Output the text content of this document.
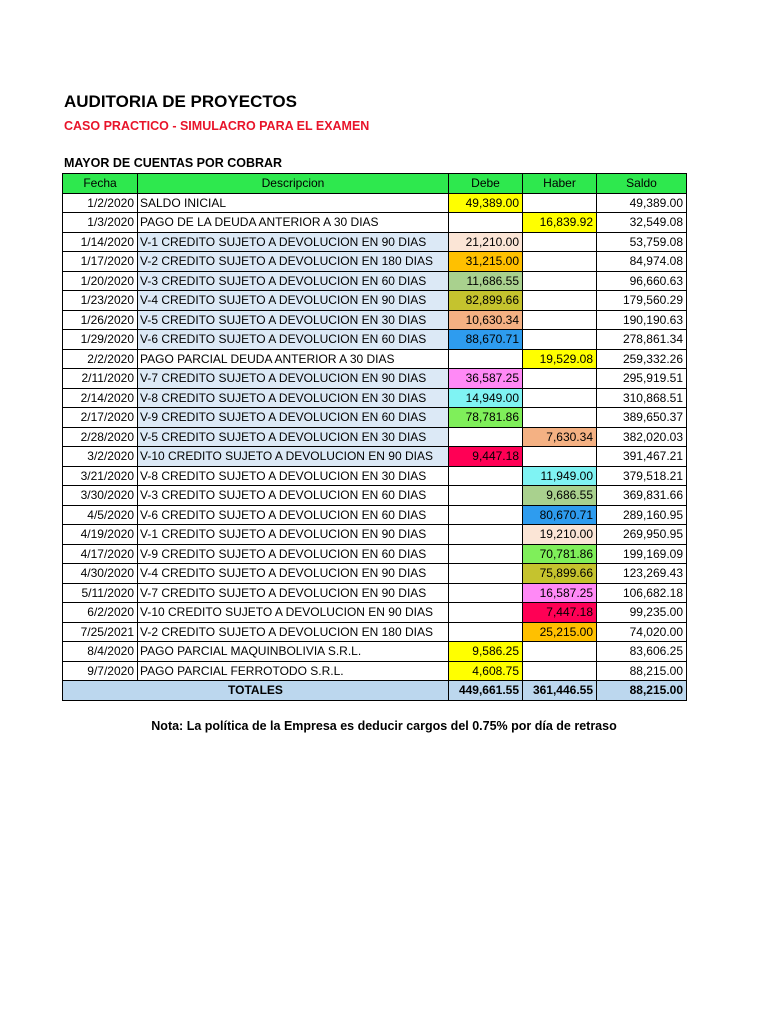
AUDITORIA DE PROYECTOS
CASO PRACTICO - SIMULACRO PARA EL EXAMEN
MAYOR DE CUENTAS POR COBRAR
Fecha	Descripcion	Debe	Haber	Saldo
1/2/2020	SALDO INICIAL	49,389.00		49,389.00
1/3/2020	PAGO DE LA DEUDA ANTERIOR A 30 DIAS		16,839.92	32,549.08
1/14/2020	V-1 CREDITO SUJETO A DEVOLUCION EN 90 DIAS	21,210.00		53,759.08
1/17/2020	V-2 CREDITO SUJETO A DEVOLUCION EN 180 DIAS	31,215.00		84,974.08
1/20/2020	V-3 CREDITO SUJETO A DEVOLUCION EN 60 DIAS	11,686.55		96,660.63
1/23/2020	V-4 CREDITO SUJETO A DEVOLUCION EN 90 DIAS	82,899.66		179,560.29
1/26/2020	V-5 CREDITO SUJETO A DEVOLUCION EN 30 DIAS	10,630.34		190,190.63
1/29/2020	V-6 CREDITO SUJETO A DEVOLUCION EN 60 DIAS	88,670.71		278,861.34
2/2/2020	PAGO PARCIAL DEUDA ANTERIOR A 30 DIAS		19,529.08	259,332.26
2/11/2020	V-7 CREDITO SUJETO A DEVOLUCION EN 90 DIAS	36,587.25		295,919.51
2/14/2020	V-8 CREDITO SUJETO A DEVOLUCION EN 30 DIAS	14,949.00		310,868.51
2/17/2020	V-9 CREDITO SUJETO A DEVOLUCION EN 60 DIAS	78,781.86		389,650.37
2/28/2020	V-5 CREDITO SUJETO A DEVOLUCION EN 30 DIAS		7,630.34	382,020.03
3/2/2020	V-10 CREDITO SUJETO A DEVOLUCION EN 90 DIAS	9,447.18		391,467.21
3/21/2020	V-8 CREDITO SUJETO A DEVOLUCION EN 30 DIAS		11,949.00	379,518.21
3/30/2020	V-3 CREDITO SUJETO A DEVOLUCION EN 60 DIAS		9,686.55	369,831.66
4/5/2020	V-6 CREDITO SUJETO A DEVOLUCION EN 60 DIAS		80,670.71	289,160.95
4/19/2020	V-1 CREDITO SUJETO A DEVOLUCION EN 90 DIAS		19,210.00	269,950.95
4/17/2020	V-9 CREDITO SUJETO A DEVOLUCION EN 60 DIAS		70,781.86	199,169.09
4/30/2020	V-4 CREDITO SUJETO A DEVOLUCION EN 90 DIAS		75,899.66	123,269.43
5/11/2020	V-7 CREDITO SUJETO A DEVOLUCION EN 90 DIAS		16,587.25	106,682.18
6/2/2020	V-10 CREDITO SUJETO A DEVOLUCION EN 90 DIAS		7,447.18	99,235.00
7/25/2021	V-2 CREDITO SUJETO A DEVOLUCION EN 180 DIAS		25,215.00	74,020.00
8/4/2020	PAGO PARCIAL MAQUINBOLIVIA S.R.L.	9,586.25		83,606.25
9/7/2020	PAGO PARCIAL FERROTODO S.R.L.	4,608.75		88,215.00
TOTALES		449,661.55	361,446.55	88,215.00
Nota: La política de la Empresa es deducir cargos del 0.75% por día de retraso
